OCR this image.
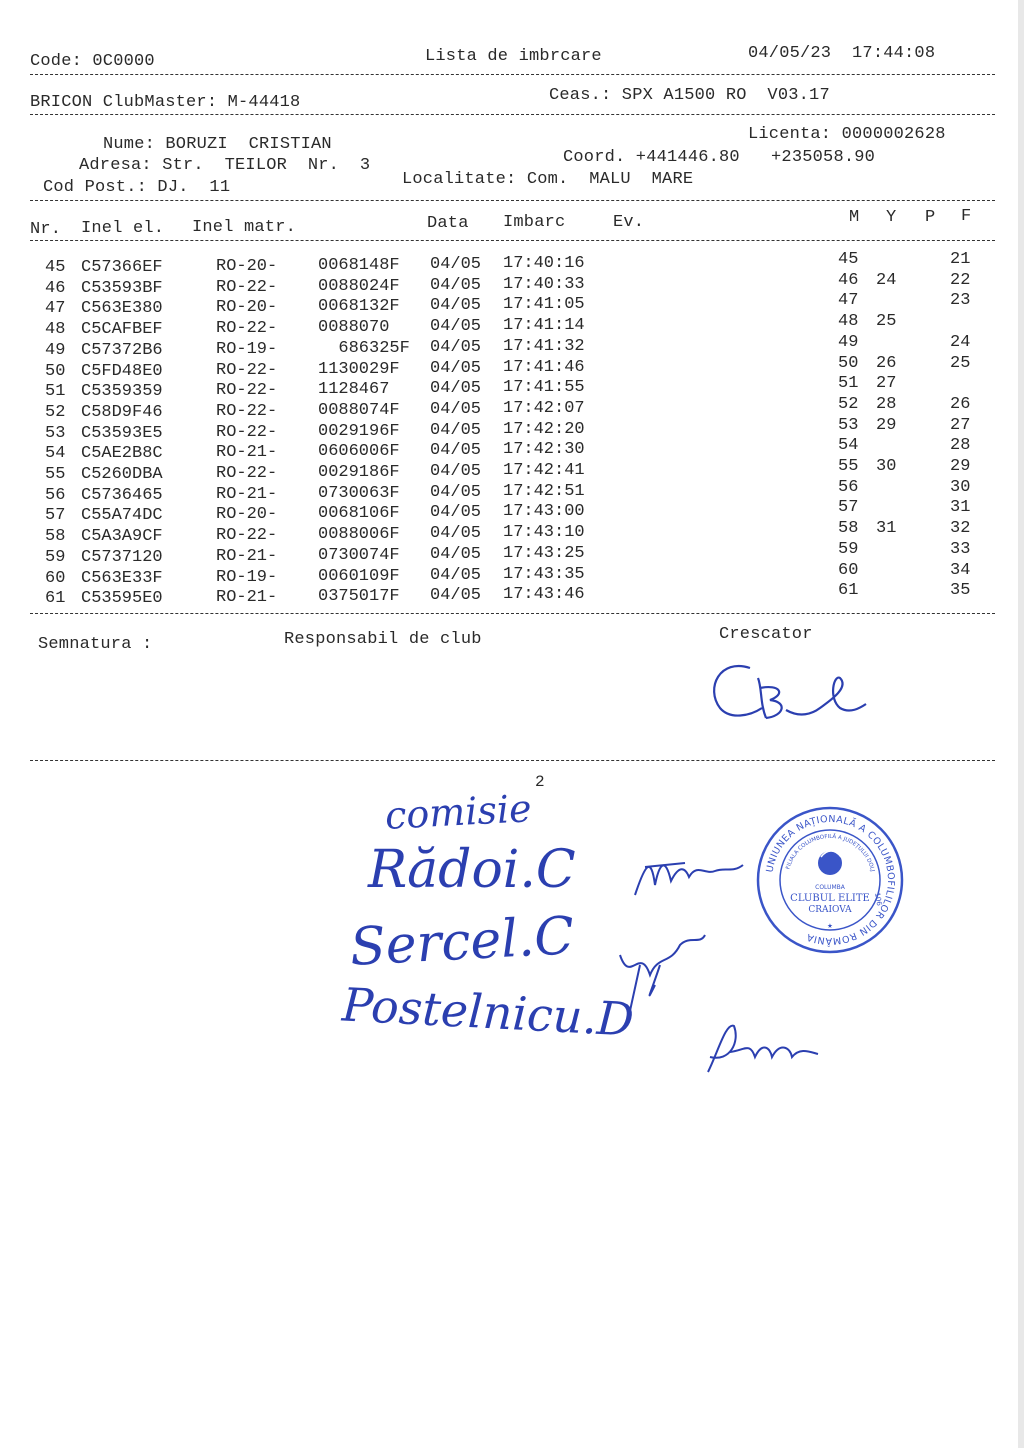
Code: 0C0000	Lista de imbrcare	04/05/23  17:44:08
BRICON ClubMaster: M-44418	Ceas.: SPX A1500 RO  V03.17
Nume: BORUZI  CRISTIAN
Licenta: 0000002628
Adresa: Str.  TEILOR  Nr.  3	Coord. +441446.80   +235058.90
Cod Post.: DJ.  11	Localitate: Com.  MALU  MARE
Nr. Inel el. Inel matr.	Data Imbarc	Ev.	M Y P F
45 C57366EF	RO-20- 0068148F 04/05 17:40:16	45	21
46 C53593BF	RO-22- 0088024F 04/05 17:40:33	46 24	22
47 C563E380	RO-20- 0068132F 04/05 17:41:05	47	23
48 C5CAFBEF	RO-22- 0088070 04/05 17:41:14	48 25
49 C57372B6	RO-19- 686325F 04/05 17:41:32	49	24
50 C5FD48E0	RO-22- 1130029F 04/05 17:41:46	50 26	25
51 C5359359	RO-22- 1128467 04/05 17:41:55	51 27
52 C58D9F46	RO-22- 0088074F 04/05 17:42:07	52 28	26
53 C53593E5	RO-22- 0029196F 04/05 17:42:20	53 29	27
54 C5AE2B8C	RO-21- 0606006F 04/05 17:42:30	54	28
55 C5260DBA	RO-22- 0029186F 04/05 17:42:41	55 30	29
56 C5736465	RO-21- 0730063F 04/05 17:42:51	56	30
57 C55A74DC	RO-20- 0068106F 04/05 17:43:00	57	31
58 C5A3A9CF	RO-22- 0088006F 04/05 17:43:10	58 31	32
59 C5737120	RO-21- 0730074F 04/05 17:43:25	59	33
60 C563E33F	RO-19- 0060109F 04/05 17:43:35	60	34
61 C53595E0	RO-21- 0375017F 04/05 17:43:46	61	35
Semnatura :	Responsabil de club	Crescator
2
comisie
Rădoi.C
Sercel.C
Postelnicu.D
UNIUNEA NAȚIONALĂ A COLUMBOFILILOR DIN ROMÂNIA
FILIALA COLUMBOFILĂ A JUDEȚULUI DOLJ
COLUMBA
CLUBUL ELITE
CRAIOVA
106
★
